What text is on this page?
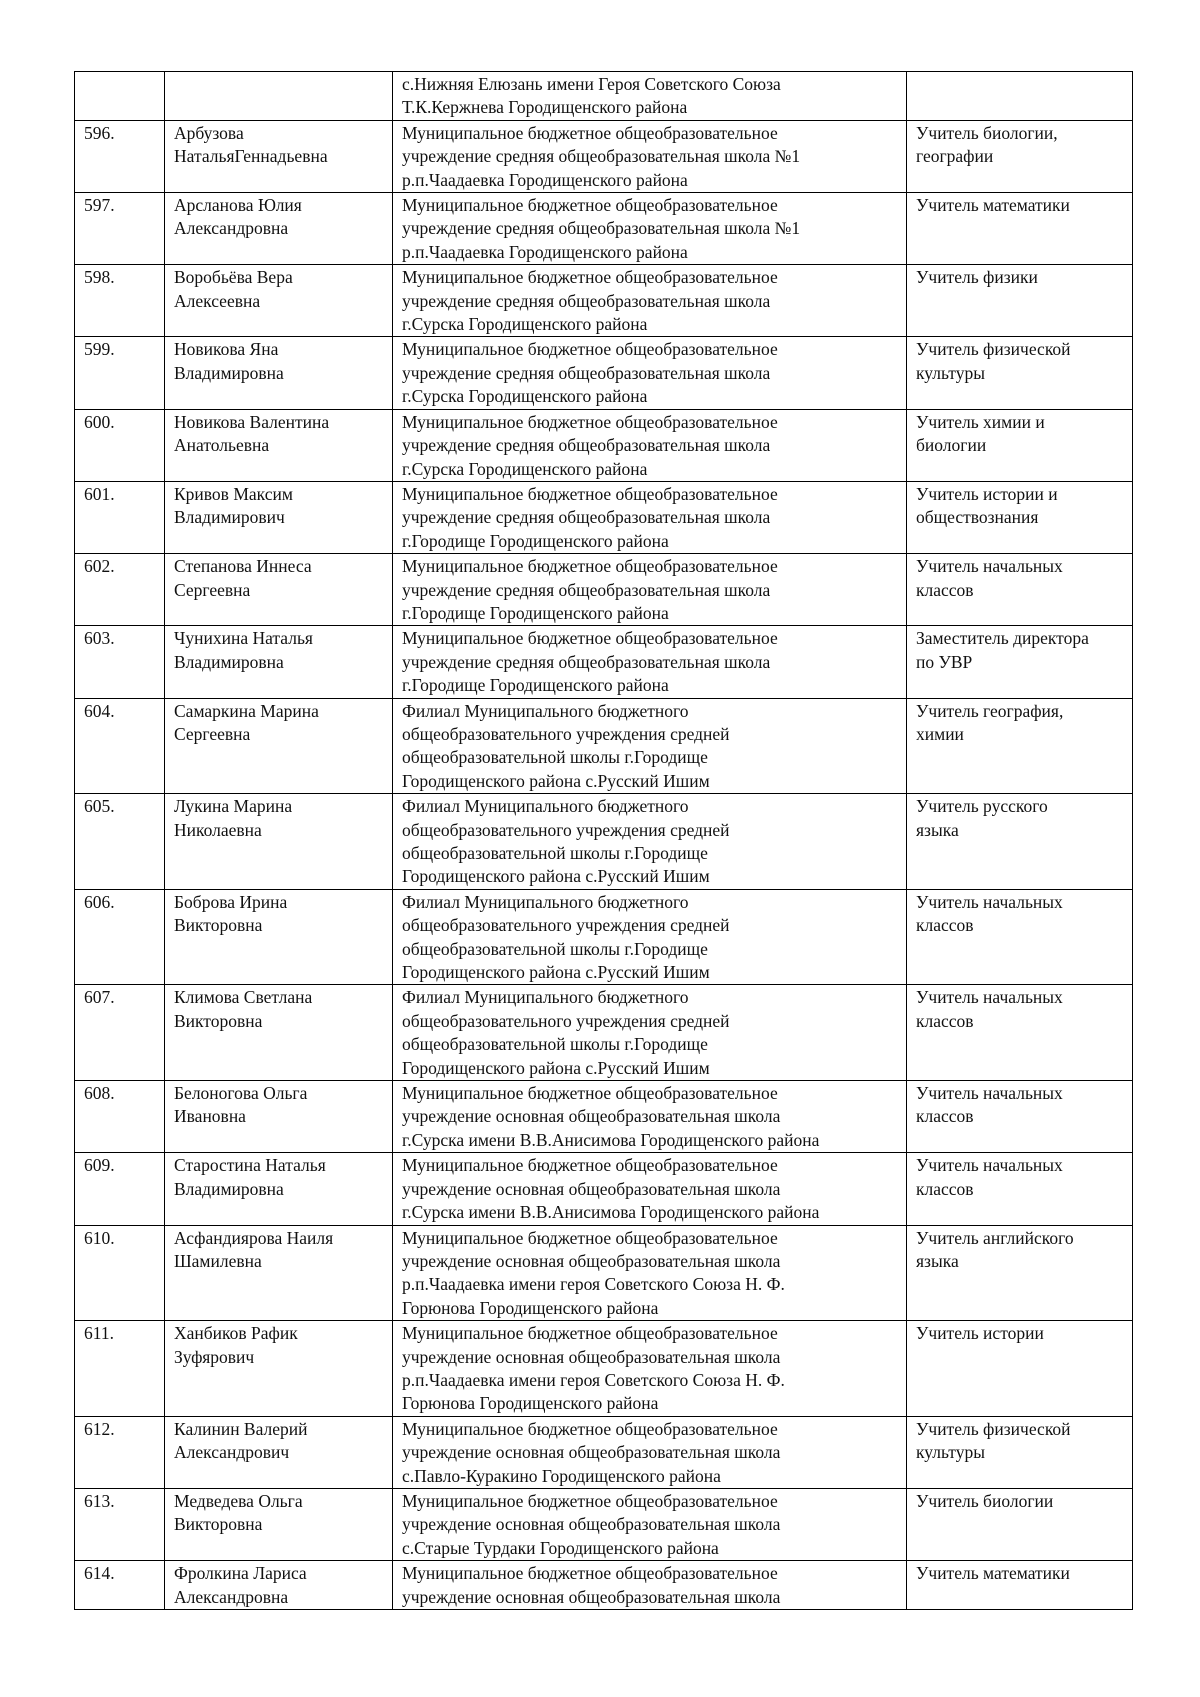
		с.Нижняя Елюзань имени Героя Советского Союза
Т.К.Кержнева Городищенского района	
596.	Арбузова
НатальяГеннадьевна	Муниципальное бюджетное общеобразовательное
учреждение средняя общеобразовательная школа №1
р.п.Чаадаевка Городищенского района	Учитель биологии,
географии
597.	Арсланова Юлия
Александровна	Муниципальное бюджетное общеобразовательное
учреждение средняя общеобразовательная школа №1
р.п.Чаадаевка Городищенского района	Учитель математики
598.	Воробьёва Вера
Алексеевна	Муниципальное бюджетное общеобразовательное
учреждение средняя общеобразовательная школа
г.Сурска Городищенского района	Учитель физики
599.	Новикова Яна
Владимировна	Муниципальное бюджетное общеобразовательное
учреждение средняя общеобразовательная школа
г.Сурска Городищенского района	Учитель физической
культуры
600.	Новикова Валентина
Анатольевна	Муниципальное бюджетное общеобразовательное
учреждение средняя общеобразовательная школа
г.Сурска Городищенского района	Учитель химии и
биологии
601.	Кривов Максим
Владимирович	Муниципальное бюджетное общеобразовательное
учреждение средняя общеобразовательная школа
г.Городище Городищенского района	Учитель истории и
обществознания
602.	Степанова Иннеса
Сергеевна	Муниципальное бюджетное общеобразовательное
учреждение средняя общеобразовательная школа
г.Городище Городищенского района	Учитель начальных
классов
603.	Чунихина Наталья
Владимировна	Муниципальное бюджетное общеобразовательное
учреждение средняя общеобразовательная школа
г.Городище Городищенского района	Заместитель директора
по УВР
604.	Самаркина Марина
Сергеевна	Филиал Муниципального бюджетного
общеобразовательного учреждения средней
общеобразовательной школы г.Городище
Городищенского района с.Русский Ишим	Учитель география,
химии
605.	Лукина Марина
Николаевна	Филиал Муниципального бюджетного
общеобразовательного учреждения средней
общеобразовательной школы г.Городище
Городищенского района с.Русский Ишим	Учитель русского
языка
606.	Боброва Ирина
Викторовна	Филиал Муниципального бюджетного
общеобразовательного учреждения средней
общеобразовательной школы г.Городище
Городищенского района с.Русский Ишим	Учитель начальных
классов
607.	Климова Светлана
Викторовна	Филиал Муниципального бюджетного
общеобразовательного учреждения средней
общеобразовательной школы г.Городище
Городищенского района с.Русский Ишим	Учитель начальных
классов
608.	Белоногова Ольга
Ивановна	Муниципальное бюджетное общеобразовательное
учреждение основная общеобразовательная школа
г.Сурска имени В.В.Анисимова Городищенского района	Учитель начальных
классов
609.	Старостина Наталья
Владимировна	Муниципальное бюджетное общеобразовательное
учреждение основная общеобразовательная школа
г.Сурска имени В.В.Анисимова Городищенского района	Учитель начальных
классов
610.	Асфандиярова Наиля
Шамилевна	Муниципальное бюджетное общеобразовательное
учреждение основная общеобразовательная школа
р.п.Чаадаевка имени героя Советского Союза Н. Ф.
Горюнова Городищенского района	Учитель английского
языка
611.	Ханбиков Рафик
Зуфярович	Муниципальное бюджетное общеобразовательное
учреждение основная общеобразовательная школа
р.п.Чаадаевка имени героя Советского Союза Н. Ф.
Горюнова Городищенского района	Учитель истории
612.	Калинин Валерий
Александрович	Муниципальное бюджетное общеобразовательное
учреждение основная общеобразовательная школа
с.Павло-Куракино Городищенского района	Учитель физической
культуры
613.	Медведева Ольга
Викторовна	Муниципальное бюджетное общеобразовательное
учреждение основная общеобразовательная школа
с.Старые Турдаки Городищенского района	Учитель биологии
614.	Фролкина Лариса
Александровна	Муниципальное бюджетное общеобразовательное
учреждение основная общеобразовательная школа	Учитель математики
